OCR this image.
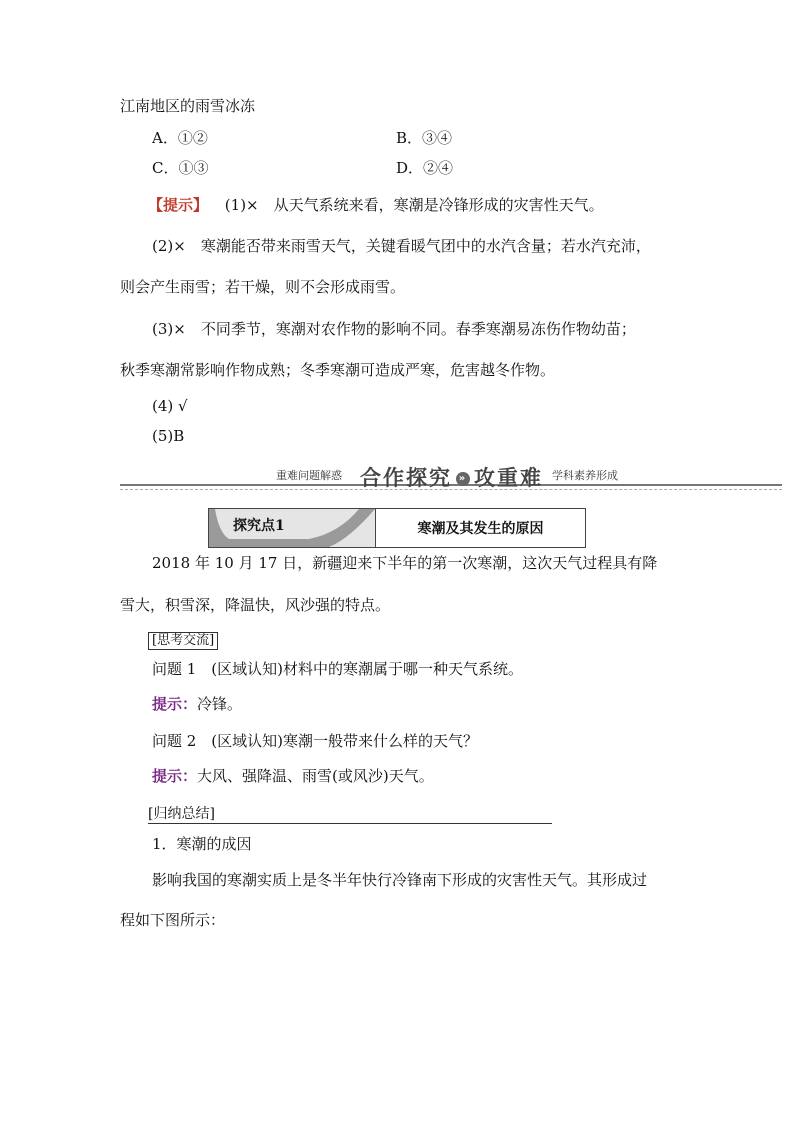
江南地区的雨雪冰冻
A．①②	B．③④
C．①③	D．②④
【提示】 (1)×　从天气系统来看，寒潮是冷锋形成的灾害性天气。
(2)×　寒潮能否带来雨雪天气，关键看暖气团中的水汽含量；若水汽充沛，
则会产生雨雪；若干燥，则不会形成雨雪。
(3)×　不同季节，寒潮对农作物的影响不同。春季寒潮易冻伤作物幼苗；
秋季寒潮常影响作物成熟；冬季寒潮可造成严寒，危害越冬作物。
(4) √
(5)B
重难问题解惑 合作探究 » 攻重难 学科素养形成
探究点1	寒潮及其发生的原因
2018 年 10 月 17 日，新疆迎来下半年的第一次寒潮，这次天气过程具有降
雪大，积雪深，降温快，风沙强的特点。
[思考交流]
问题 1　(区域认知)材料中的寒潮属于哪一种天气系统。
提示：冷锋。
问题 2　(区域认知)寒潮一般带来什么样的天气？
提示：大风、强降温、雨雪(或风沙)天气。
[归纳总结]
1．寒潮的成因
影响我国的寒潮实质上是冬半年快行冷锋南下形成的灾害性天气。其形成过
程如下图所示：
